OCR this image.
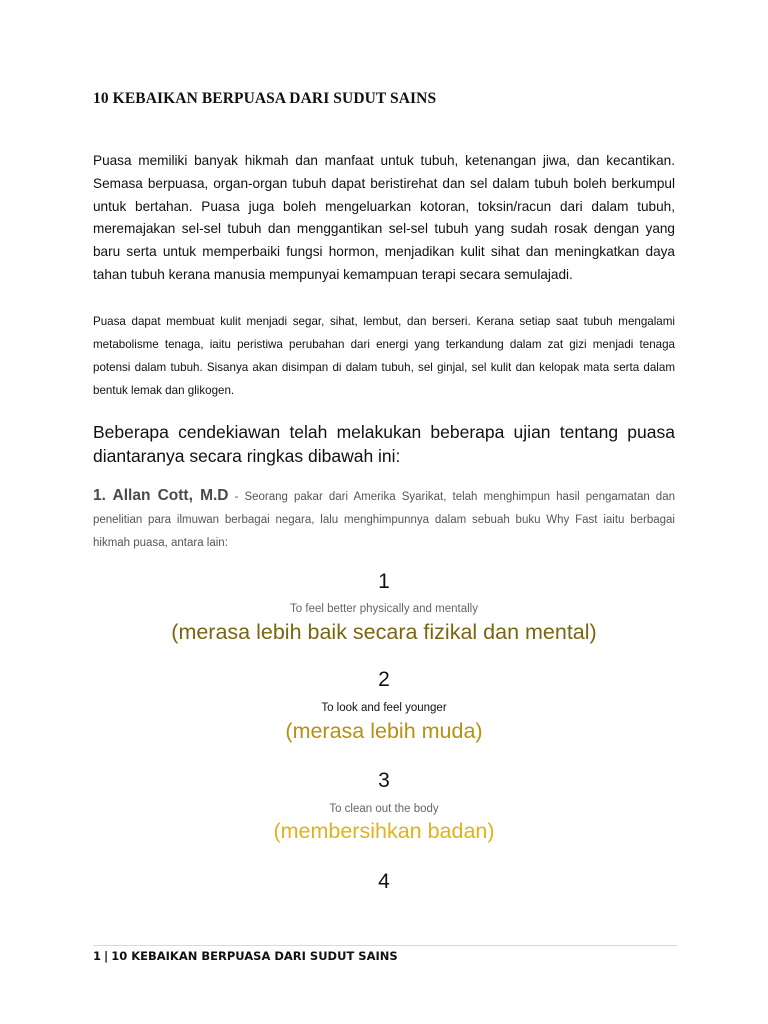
10 KEBAIKAN BERPUASA DARI SUDUT SAINS

Puasa memiliki banyak hikmah dan manfaat untuk tubuh, ketenangan jiwa, dan kecantikan. Semasa berpuasa, organ-organ tubuh dapat beristirehat dan sel dalam tubuh boleh berkumpul untuk bertahan. Puasa juga boleh mengeluarkan kotoran, toksin/racun dari dalam tubuh, meremajakan sel-sel tubuh dan menggantikan sel-sel tubuh yang sudah rosak dengan yang baru serta untuk memperbaiki fungsi hormon, menjadikan kulit sihat dan meningkatkan daya tahan tubuh kerana manusia mempunyai kemampuan terapi secara semulajadi.

Puasa dapat membuat kulit menjadi segar, sihat, lembut, dan berseri. Kerana setiap saat tubuh mengalami metabolisme tenaga, iaitu peristiwa perubahan dari energi yang terkandung dalam zat gizi menjadi tenaga potensi dalam tubuh. Sisanya akan disimpan di dalam tubuh, sel ginjal, sel kulit dan kelopak mata serta dalam bentuk lemak dan glikogen.

Beberapa cendekiawan telah melakukan beberapa ujian tentang puasa diantaranya secara ringkas dibawah ini:

1. Allan Cott, M.D - Seorang pakar dari Amerika Syarikat, telah menghimpun hasil pengamatan dan penelitian para ilmuwan berbagai negara, lalu menghimpunnya dalam sebuah buku Why Fast iaitu berbagai hikmah puasa, antara lain:

1
To feel better physically and mentally
(merasa lebih baik secara fizikal dan mental)
2
To look and feel younger
(merasa lebih muda)
3
To clean out the body
(membersihkan badan)
4
1 | 10 KEBAIKAN BERPUASA DARI SUDUT SAINS
